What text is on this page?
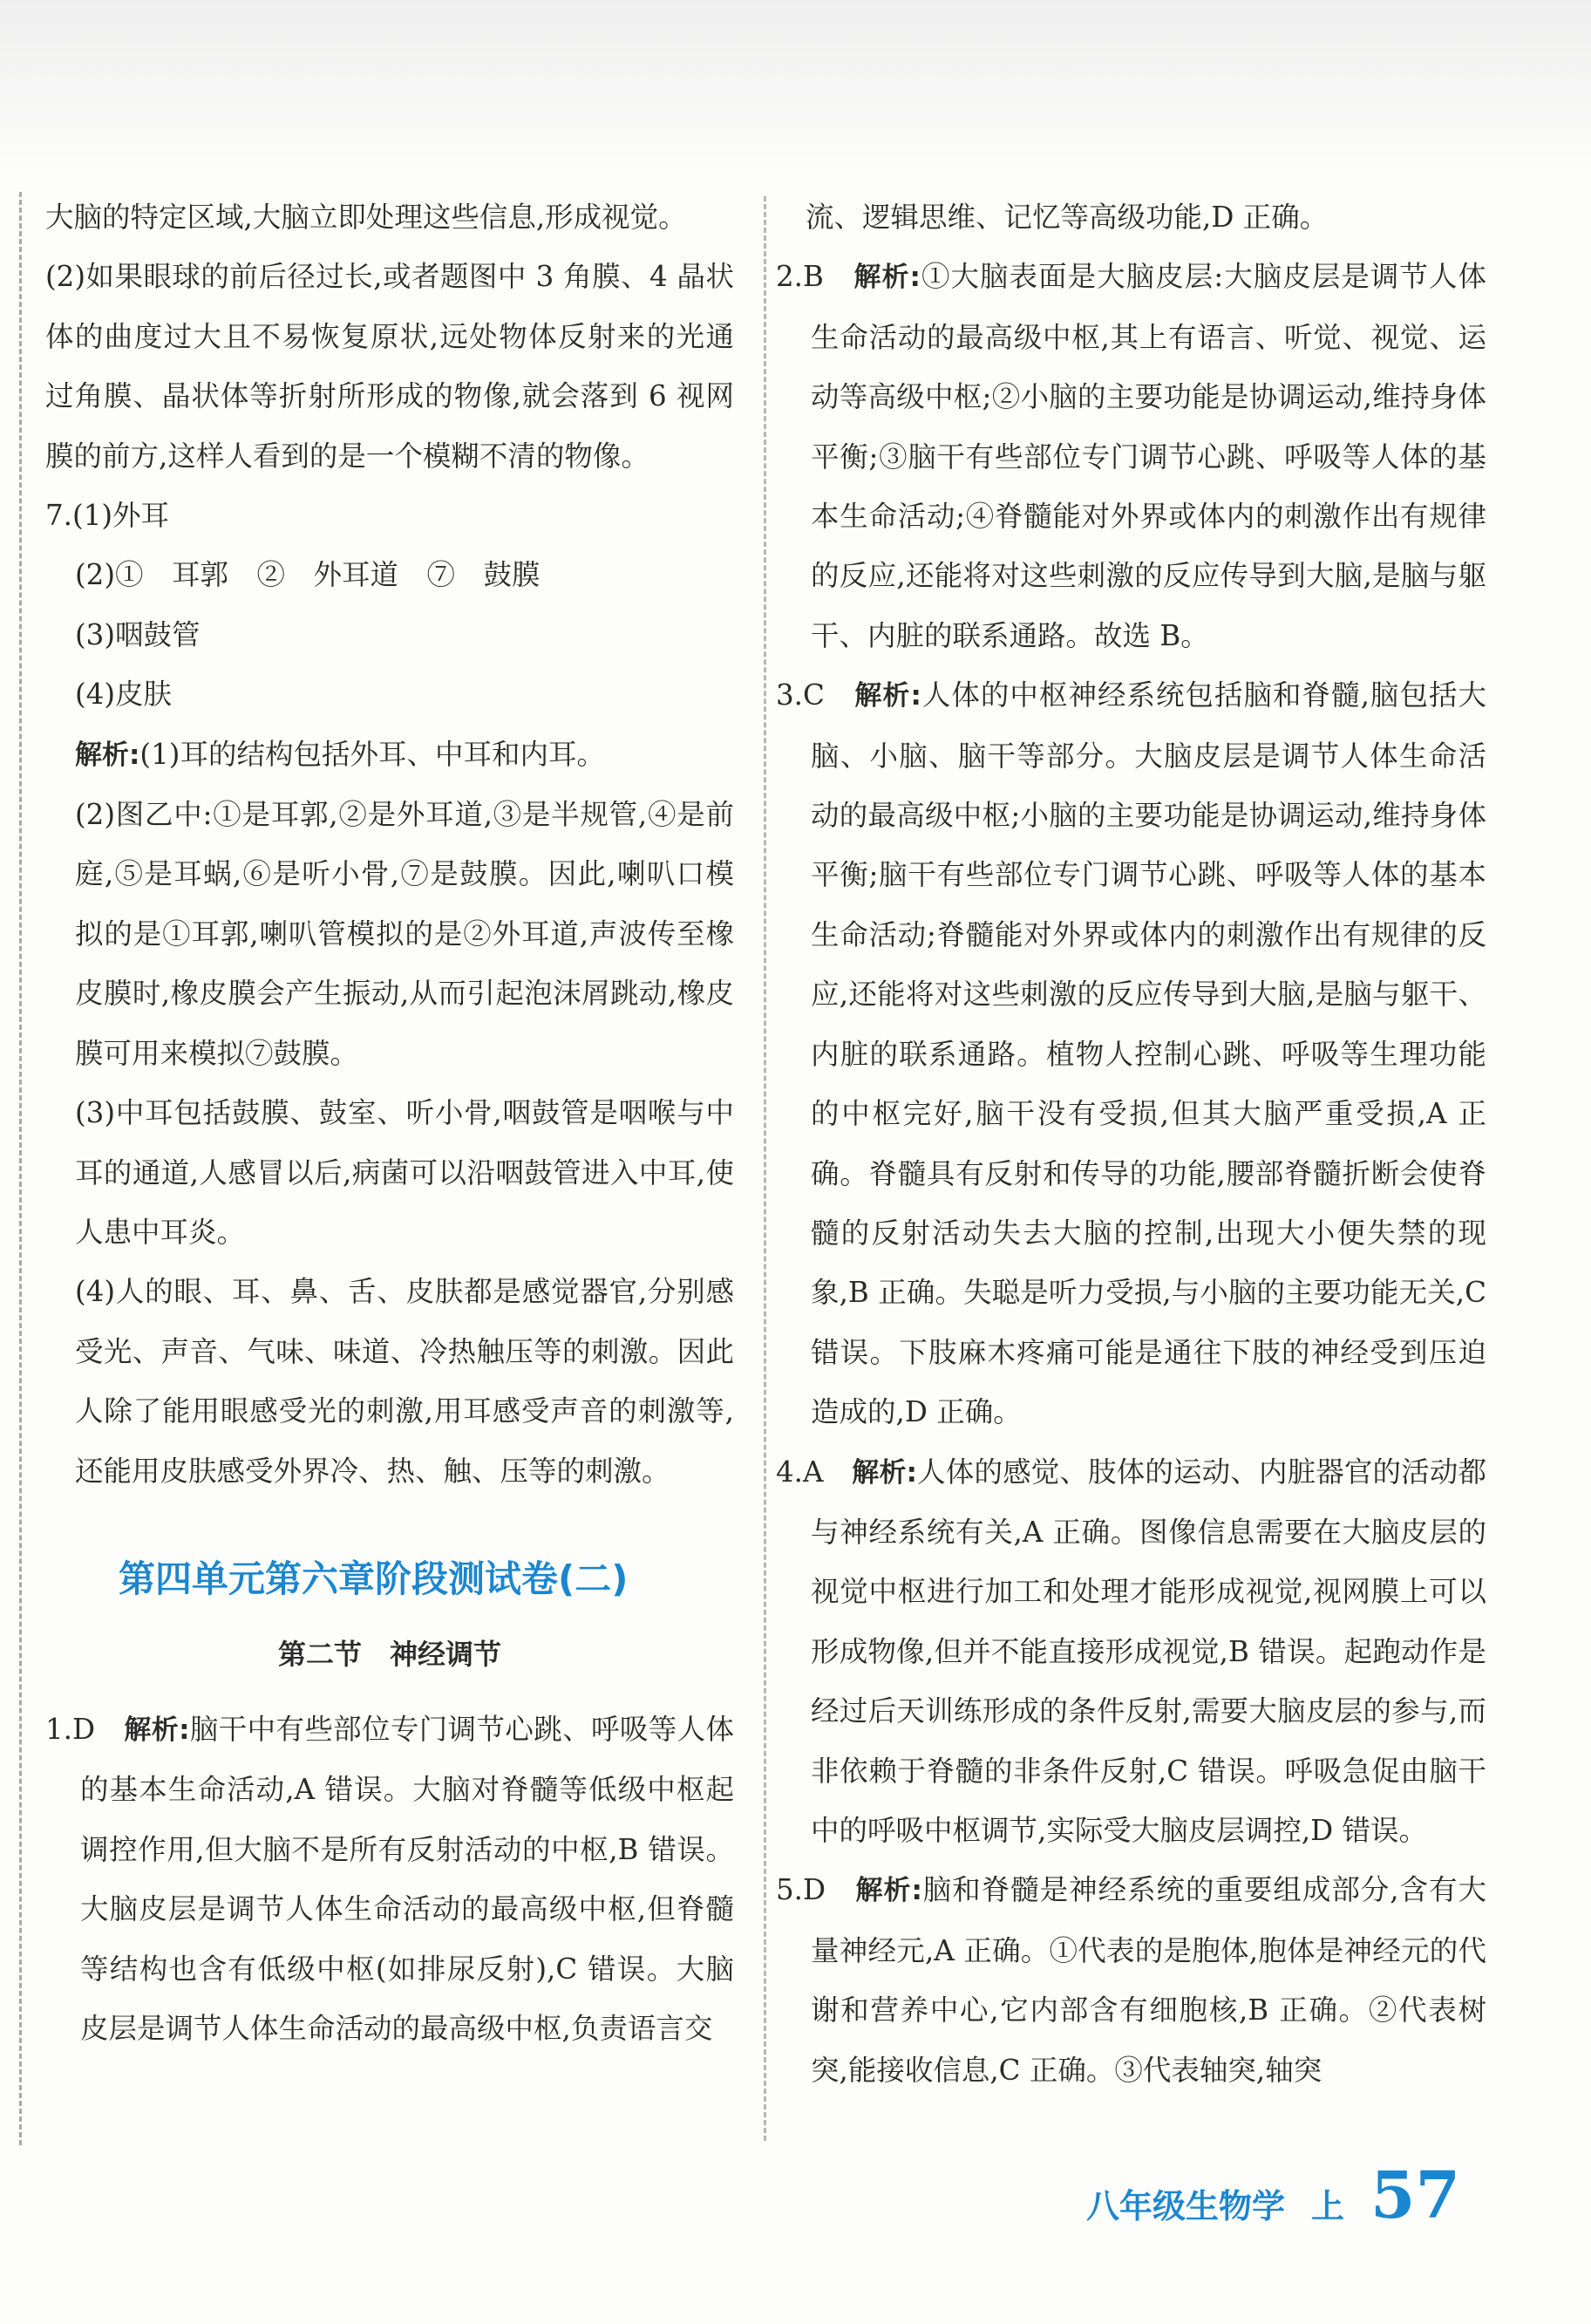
大脑的特定区域,大脑立即处理这些信息,形成视觉。

(2)如果眼球的前后径过长,或者题图中 3 角膜、4 晶状体的曲度过大且不易恢复原状,远处物体反射来的光通过角膜、晶状体等折射所形成的物像,就会落到 6 视网膜的前方,这样人看到的是一个模糊不清的物像。

7.(1)外耳

(2)①　耳郭　②　外耳道　⑦　鼓膜

(3)咽鼓管

(4)皮肤

解析:(1)耳的结构包括外耳、中耳和内耳。

(2)图乙中:①是耳郭,②是外耳道,③是半规管,④是前庭,⑤是耳蜗,⑥是听小骨,⑦是鼓膜。因此,喇叭口模拟的是①耳郭,喇叭管模拟的是②外耳道,声波传至橡皮膜时,橡皮膜会产生振动,从而引起泡沫屑跳动,橡皮膜可用来模拟⑦鼓膜。

(3)中耳包括鼓膜、鼓室、听小骨,咽鼓管是咽喉与中耳的通道,人感冒以后,病菌可以沿咽鼓管进入中耳,使人患中耳炎。

(4)人的眼、耳、鼻、舌、皮肤都是感觉器官,分别感受光、声音、气味、味道、冷热触压等的刺激。因此人除了能用眼感受光的刺激,用耳感受声音的刺激等,还能用皮肤感受外界冷、热、触、压等的刺激。

第四单元第六章阶段测试卷(二)
第二节　神经调节

1.D　 解析:脑干中有些部位专门调节心跳、呼吸等人体的基本生命活动,A 错误。大脑对脊髓等低级中枢起调控作用,但大脑不是所有反射活动的中枢,B 错误。大脑皮层是调节人体生命活动的最高级中枢,但脊髓等结构也含有低级中枢(如排尿反射),C 错误。大脑皮层是调节人体生命活动的最高级中枢,负责语言交

流、逻辑思维、记忆等高级功能,D 正确。

2.B　 解析:①大脑表面是大脑皮层:大脑皮层是调节人体生命活动的最高级中枢,其上有语言、听觉、视觉、运动等高级中枢;②小脑的主要功能是协调运动,维持身体平衡;③脑干有些部位专门调节心跳、呼吸等人体的基本生命活动;④脊髓能对外界或体内的刺激作出有规律的反应,还能将对这些刺激的反应传导到大脑,是脑与躯干、内脏的联系通路。故选 B。

3.C　 解析:人体的中枢神经系统包括脑和脊髓,脑包括大脑、小脑、脑干等部分。大脑皮层是调节人体生命活动的最高级中枢;小脑的主要功能是协调运动,维持身体平衡;脑干有些部位专门调节心跳、呼吸等人体的基本生命活动;脊髓能对外界或体内的刺激作出有规律的反应,还能将对这些刺激的反应传导到大脑,是脑与躯干、内脏的联系通路。植物人控制心跳、呼吸等生理功能的中枢完好,脑干没有受损,但其大脑严重受损,A 正确。脊髓具有反射和传导的功能,腰部脊髓折断会使脊髓的反射活动失去大脑的控制,出现大小便失禁的现象,B 正确。失聪是听力受损,与小脑的主要功能无关,C 错误。下肢麻木疼痛可能是通往下肢的神经受到压迫造成的,D 正确。

4.A　 解析:人体的感觉、肢体的运动、内脏器官的活动都与神经系统有关,A 正确。图像信息需要在大脑皮层的视觉中枢进行加工和处理才能形成视觉,视网膜上可以形成物像,但并不能直接形成视觉,B 错误。起跑动作是经过后天训练形成的条件反射,需要大脑皮层的参与,而非依赖于脊髓的非条件反射,C 错误。呼吸急促由脑干中的呼吸中枢调节,实际受大脑皮层调控,D 错误。

5.D　 解析:脑和脊髓是神经系统的重要组成部分,含有大量神经元,A 正确。①代表的是胞体,胞体是神经元的代谢和营养中心,它内部含有细胞核,B 正确。②代表树突,能接收信息,C 正确。③代表轴突,轴突

八年级生物学 上 57
